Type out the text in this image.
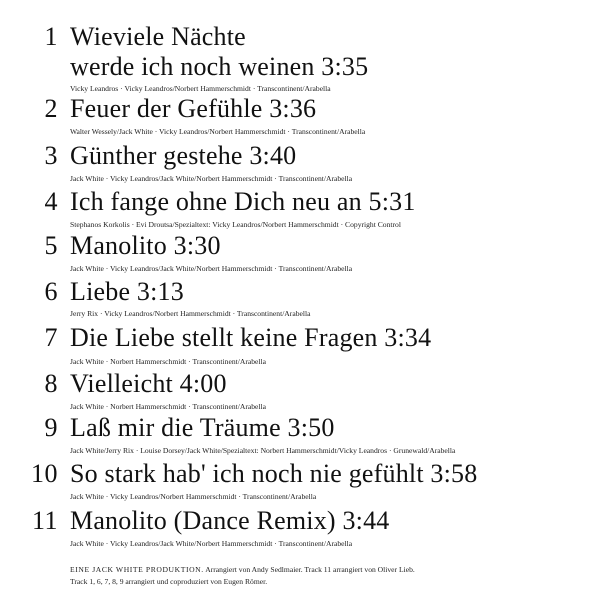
1 Wieviele Nächte
werde ich noch weinen 3:35
Vicky Leandros · Vicky Leandros/Norbert Hammerschmidt · Transcontinent/Arabella
2 Feuer der Gefühle 3:36
Walter Wessely/Jack White · Vicky Leandros/Norbert Hammerschmidt · Transcontinent/Arabella
3 Günther gestehe 3:40
Jack White · Vicky Leandros/Jack White/Norbert Hammerschmidt · Transcontinent/Arabella
4 Ich fange ohne Dich neu an 5:31
Stephanos Korkolis · Evi Droutsa/Spezialtext: Vicky Leandros/Norbert Hammerschmidt · Copyright Control
5 Manolito 3:30
Jack White · Vicky Leandros/Jack White/Norbert Hammerschmidt · Transcontinent/Arabella
6 Liebe 3:13
Jerry Rix · Vicky Leandros/Norbert Hammerschmidt · Transcontinent/Arabella
7 Die Liebe stellt keine Fragen 3:34
Jack White · Norbert Hammerschmidt · Transcontinent/Arabella
8 Vielleicht 4:00
Jack White · Norbert Hammerschmidt · Transcontinent/Arabella
9 Laß mir die Träume 3:50
Jack White/Jerry Rix · Louise Dorsey/Jack White/Spezialtext: Norbert Hammerschmidt/Vicky Leandros · Grunewald/Arabella
10 So stark hab' ich noch nie gefühlt 3:58
Jack White · Vicky Leandros/Norbert Hammerschmidt · Transcontinent/Arabella
11 Manolito (Dance Remix) 3:44
Jack White · Vicky Leandros/Jack White/Norbert Hammerschmidt · Transcontinent/Arabella
EINE JACK WHITE PRODUKTION. Arrangiert von Andy Sedlmaier. Track 11 arrangiert von Oliver Lieb.
Track 1, 6, 7, 8, 9 arrangiert und coproduziert von Eugen Römer.
